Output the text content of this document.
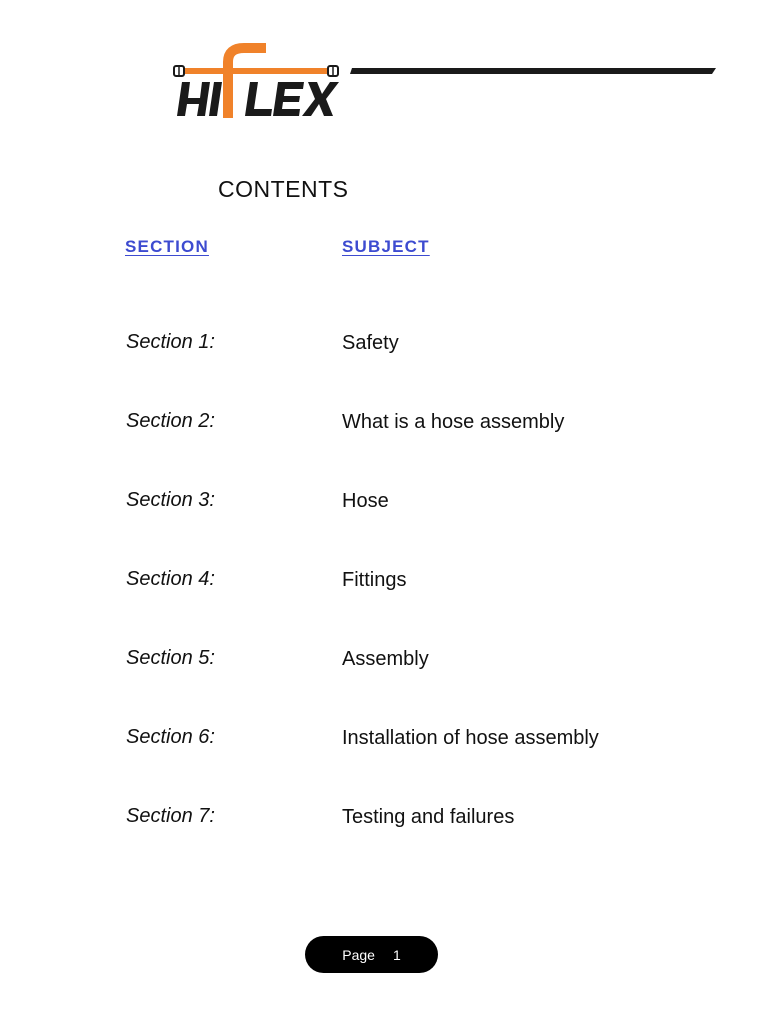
CONTENTS
SECTION	SUBJECT
Section 1:	Safety
Section 2:	What is a hose assembly
Section 3:	Hose
Section 4:	Fittings
Section 5:	Assembly
Section 6:	Installation of hose assembly
Section 7:	Testing and failures
Page 1
